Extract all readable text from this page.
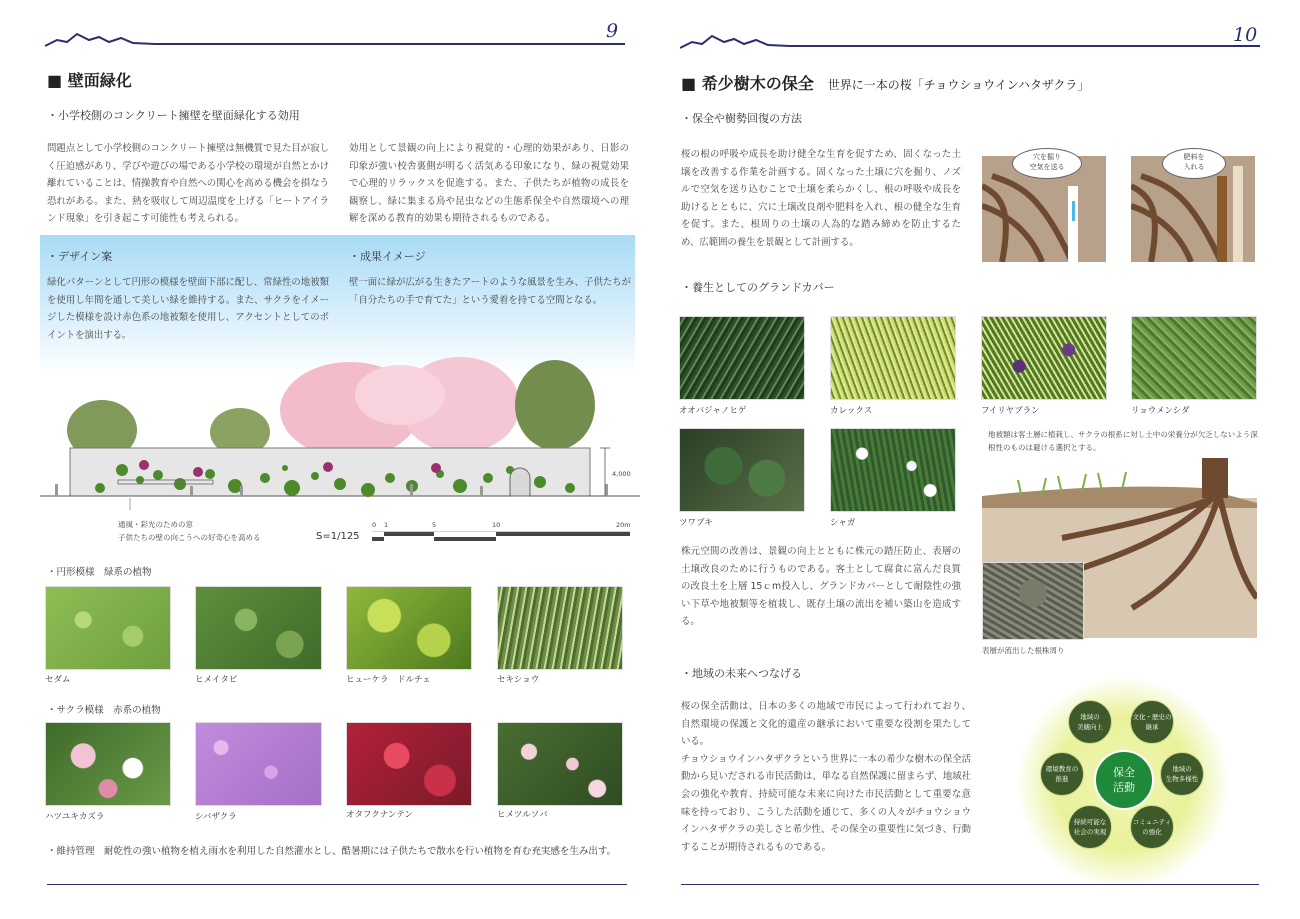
9
■ 壁面緑化
・小学校側のコンクリート擁壁を壁面緑化する効用
問題点として小学校側のコンクリート擁壁は無機質で見た目が寂しく圧迫感があり、学びや遊びの場である小学校の環境が自然とかけ離れていることは、情操教育や自然への関心を高める機会を損なう恐れがある。また、熱を吸収して周辺温度を上げる「ヒートアイランド現象」を引き起こす可能性も考えられる。
効用として景観の向上により視覚的・心理的効果があり、日影の印象が強い校舎裏側が明るく活気ある印象になり、緑の視覚効果で心理的リラックスを促進する。また、子供たちが植物の成長を観察し、緑に集まる鳥や昆虫などの生態系保全や自然環境への理解を深める教育的効果も期待されるものである。
・デザイン案
緑化パターンとして円形の模様を壁面下部に配し、常緑性の地被類を使用し年間を通して美しい緑を維持する。また、サクラをイメージした模様を設け赤色系の地被類を使用し、アクセントとしてのポイントを演出する。
・成果イメージ
壁一面に緑が広がる生きたアートのような風景を生み、子供たちが「自分たちの手で育てた」という愛着を持てる空間となる。
4,000
通風・彩光のための窓
子供たちの壁の向こうへの好奇心を高める	S=1/125
0 1	5	10	20m
・円形模様　緑系の植物
セダム	ヒメイタビ	ヒューケラ　ドルチェ	セキショウ
・サクラ模様　赤系の植物
ハツユキカズラ	シバザクラ	オタフクナンテン	ヒメツルソバ
・維持管理　耐乾性の強い植物を植え雨水を利用した自然灌水とし、酷暑期には子供たちで散水を行い植物を育む充実感を生み出す。
10
■ 希少樹木の保全 世界に一本の桜「チョウショウインハタザクラ」
・保全や樹勢回復の方法
桜の根の呼吸や成長を助け健全な生育を促すため、固くなった土壌を改善する作業を計画する。固くなった土壌に穴を掘り、ノズルで空気を送り込むことで土壌を柔らかくし、根の呼吸や成長を助けるとともに、穴に土壌改良剤や肥料を入れ、根の健全な生育を促す。また、根周りの土壌の人為的な踏み締めを防止するため、広範囲の養生を景観として計画する。
穴を掘り
空気を送る
肥料を
入れる
・養生としてのグランドカバー
オオバジャノヒゲ	カレックス	フイリヤブラン	リョウメンシダ
ツワブキ	シャガ
地被類は客土層に植栽し、サクラの根系に対し土中の栄養分が欠乏しないよう深根性のものは避ける選択とする。
表層が流出した根株周り
株元空間の改善は、景観の向上とともに株元の踏圧防止、表層の土壌改良のために行うものである。客土として腐食に富んだ良質の改良土を上層 15ｃm投入し、グランドカバーとして耐陰性の強い下草や地被類等を植栽し、既存土壌の流出を補い築山を造成する。
・地域の未来へつなげる
桜の保全活動は、日本の多くの地域で市民によって行われており、自然環境の保護と文化的遺産の継承において重要な役割を果たしている。
チョウショウインハタザクラという世界に一本の希少な樹木の保全活動から見いだされる市民活動は、単なる自然保護に留まらず、地域社会の強化や教育、持続可能な未来に向けた市民活動として重要な意味を持っており、こうした活動を通じて、多くの人々がチョウショウインハタザクラの美しさと希少性、その保全の重要性に気づき、行動することが期待されるものである。
保全
活動
地域の
美観向上
文化・歴史の
継承
地域の
生物多様性
コミュニティ
の強化
持続可能な
社会の実現
環境教育の
推進
